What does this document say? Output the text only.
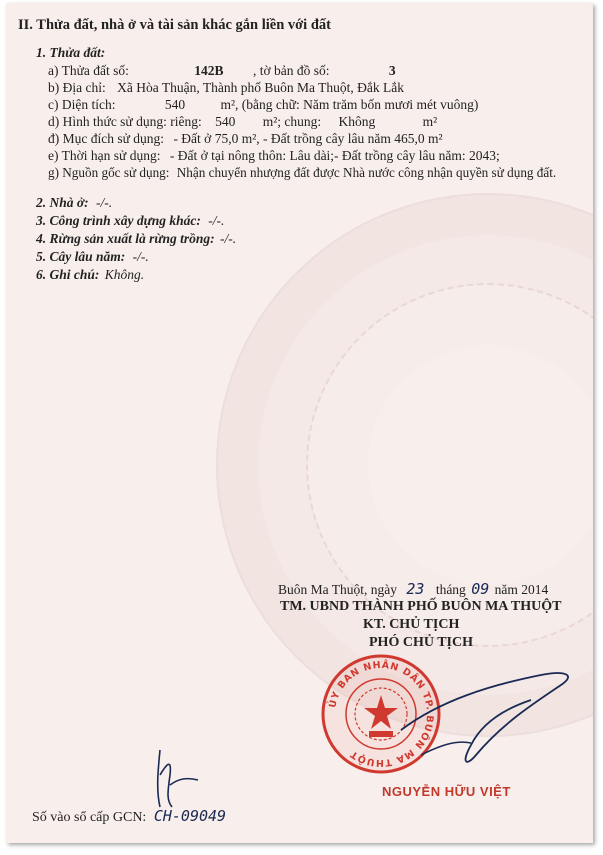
II. Thửa đất, nhà ở và tài sản khác gắn liền với đất
1. Thửa đất:
a) Thửa đất số:	142B , tờ bản đồ số:	3
b) Địa chỉ: Xã Hòa Thuận, Thành phố Buôn Ma Thuột, Đắk Lắk
c) Diện tích:	540	m², (bằng chữ: Năm trăm bốn mươi mét vuông)
d) Hình thức sử dụng: riêng: 540 m²; chung: Không	m²
đ) Mục đích sử dụng: - Đất ở 75,0 m², - Đất trồng cây lâu năm 465,0 m²
e) Thời hạn sử dụng: - Đất ở tại nông thôn: Lâu dài;- Đất trồng cây lâu năm: 2043;
g) Nguồn gốc sử dụng: Nhận chuyển nhượng đất được Nhà nước công nhận quyền sử dụng đất.
2. Nhà ở: -/-.
3. Công trình xây dựng khác: -/-.
4. Rừng sản xuất là rừng trồng: -/-.
5. Cây lâu năm: -/-.
6. Ghi chú: Không.
Buôn Ma Thuột, ngày 23 tháng 09 năm 2014
TM. UBND THÀNH PHỐ BUÔN MA THUỘT
KT. CHỦ TỊCH
PHÓ CHỦ TỊCH
ỦY BAN NHÂN DÂN TP. BUÔN MA THUỘT
NGUYỄN HỮU VIỆT
Số vào sổ cấp GCN: CH-09049
